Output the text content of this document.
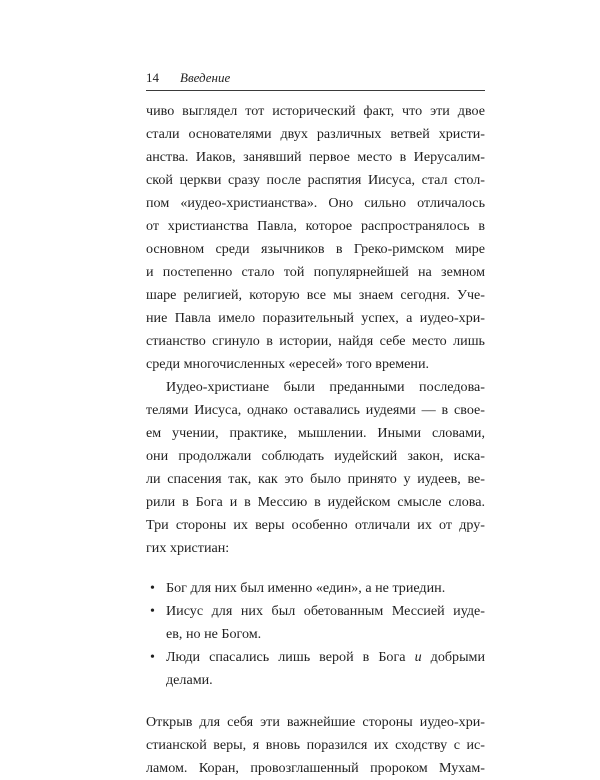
14 Введение

чиво выглядел тот исторический факт, что эти двое
стали основателями двух различных ветвей христи-
анства. Иаков, занявший первое место в Иерусалим-
ской церкви сразу после распятия Иисуса, стал стол-
пом «иудео-христианства». Оно сильно отличалось
от христианства Павла, которое распространялось в
основном среди язычников в Греко-римском мире
и постепенно стало той популярнейшей на земном
шаре религией, которую все мы знаем сегодня. Уче-
ние Павла имело поразительный успех, а иудео-хри-
стианство сгинуло в истории, найдя себе место лишь
среди многочисленных «ересей» того времени.

Иудео-христиане были преданными последова-
телями Иисуса, однако оставались иудеями — в свое-
ем учении, практике, мышлении. Иными словами,
они продолжали соблюдать иудейский закон, иска-
ли спасения так, как это было принято у иудеев, ве-
рили в Бога и в Мессию в иудейском смысле слова.
Три стороны их веры особенно отличали их от дру-
гих христиан:

• Бог для них был именно «един», а не триедин.
• Иисус для них был обетованным Мессией иуде-
ев, но не Богом.
• Люди спасались лишь верой в Бога и добрыми
делами.

Открыв для себя эти важнейшие стороны иудео-хри-
стианской веры, я вновь поразился их сходству с ис-
ламом. Коран, провозглашенный пророком Мухам-
